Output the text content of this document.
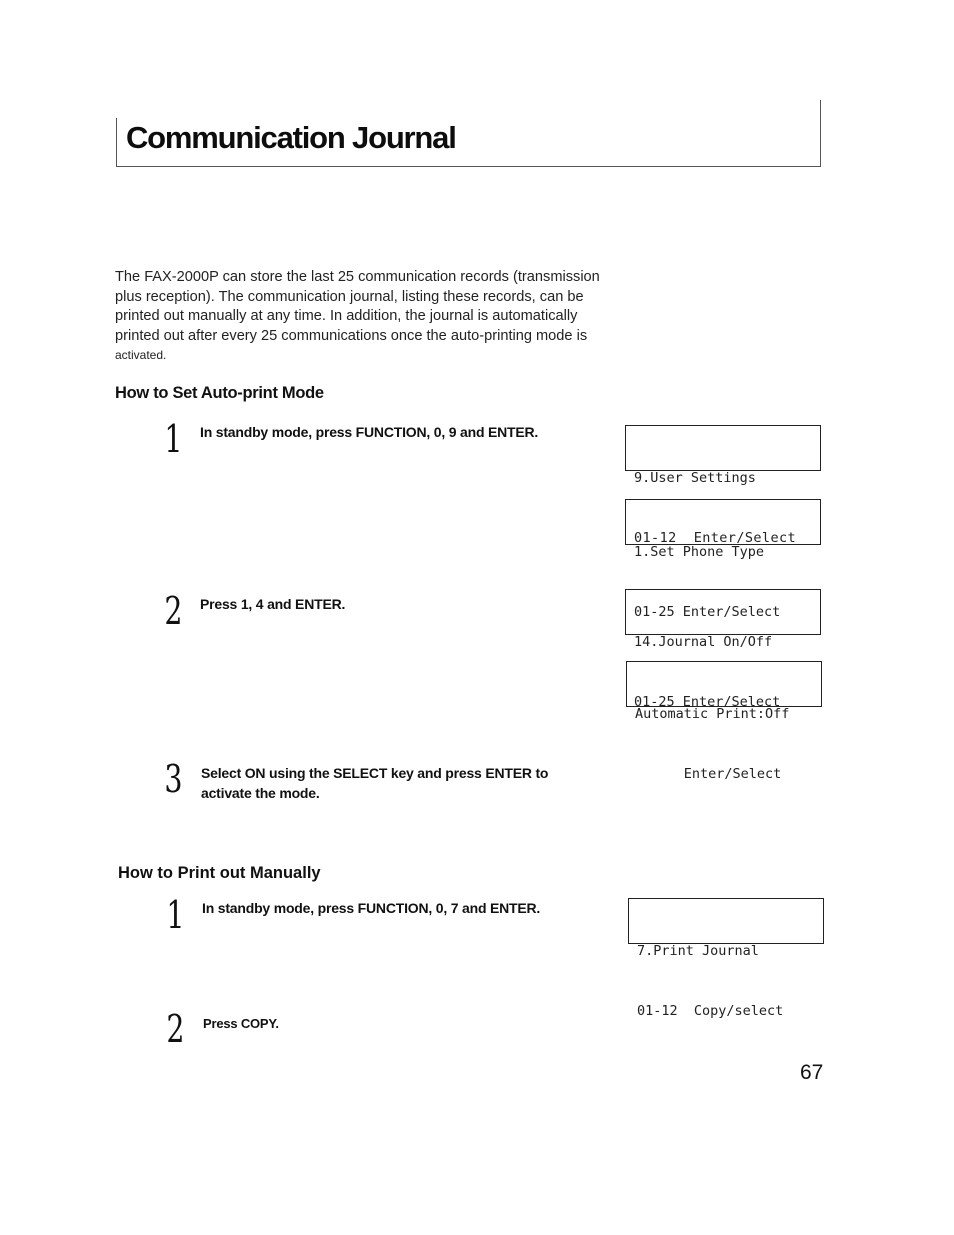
Communication Journal

The FAX-2000P can store the last 25 communication records (transmission
plus reception). The communication journal, listing these records, can be
printed out manually at any time. In addition, the journal is automatically
printed out after every 25 communications once the auto-printing mode is
activated.

How to Set Auto-print Mode
1	In standby mode, press FUNCTION, 0, 9 and ENTER.
2	Press 1, 4 and ENTER.
3	Select ON using the SELECT key and press ENTER to
activate the mode.

9.User Settings

01-12  Enter/Select

1.Set Phone Type

01-25 Enter/Select

14.Journal On/Off

01-25 Enter/Select

Automatic Print:Off

Enter/Select

How to Print out Manually
1	In standby mode, press FUNCTION, 0, 7 and ENTER.
2	Press COPY.

7.Print Journal

01-12  Copy/select

67
